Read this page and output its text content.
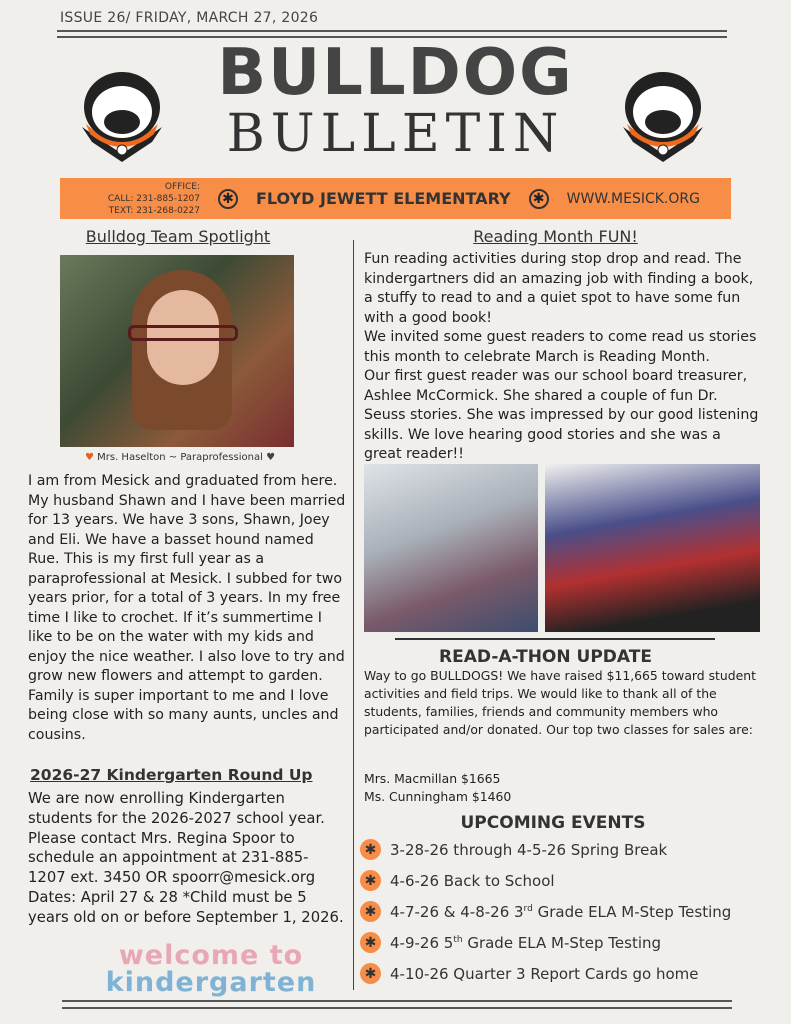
ISSUE 26/ FRIDAY, MARCH 27, 2026
BULLDOG
BULLETIN
OFFICE:
CALL: 231-885-1207
TEXT: 231-268-0227
✱ FLOYD JEWETT ELEMENTARY ✱ WWW.MESICK.ORG
Bulldog Team Spotlight
♥ Mrs. Haselton ~ Paraprofessional ♥
I am from Mesick and graduated from here. My husband Shawn and I have been married for 13 years. We have 3 sons, Shawn, Joey and Eli. We have a basset hound named Rue. This is my first full year as a paraprofessional at Mesick. I subbed for two years prior, for a total of 3 years. In my free time I like to crochet. If it’s summertime I like to be on the water with my kids and enjoy the nice weather. I also love to try and grow new flowers and attempt to garden. Family is super important to me and I love being close with so many aunts, uncles and cousins.
2026-27 Kindergarten Round Up
We are now enrolling Kindergarten students for the 2026-2027 school year. Please contact Mrs. Regina Spoor to schedule an appointment at 231-885-1207 ext. 3450 OR spoorr@mesick.org Dates: April 27 & 28 *Child must be 5 years old on or before September 1, 2026.
welcome to
kindergarten
Reading Month FUN!
Fun reading activities during stop drop and read. The kindergartners did an amazing job with finding a book, a stuffy to read to and a quiet spot to have some fun with a good book!
We invited some guest readers to come read us stories this month to celebrate March is Reading Month.
Our first guest reader was our school board treasurer, Ashlee McCormick. She shared a couple of fun Dr. Seuss stories. She was impressed by our good listening skills. We love hearing good stories and she was a great reader!!
READ-A-THON UPDATE
Way to go BULLDOGS! We have raised $11,665 toward student activities and field trips. We would like to thank all of the students, families, friends and community members who participated and/or donated. Our top two classes for sales are:
Mrs. Macmillan $1665
Ms. Cunningham $1460
UPCOMING EVENTS
✱ 3-28-26 through 4-5-26 Spring Break
✱ 4-6-26 Back to School
✱ 4-7-26 & 4-8-26 3rd Grade ELA M-Step Testing
✱ 4-9-26 5th Grade ELA M-Step Testing
✱ 4-10-26 Quarter 3 Report Cards go home
